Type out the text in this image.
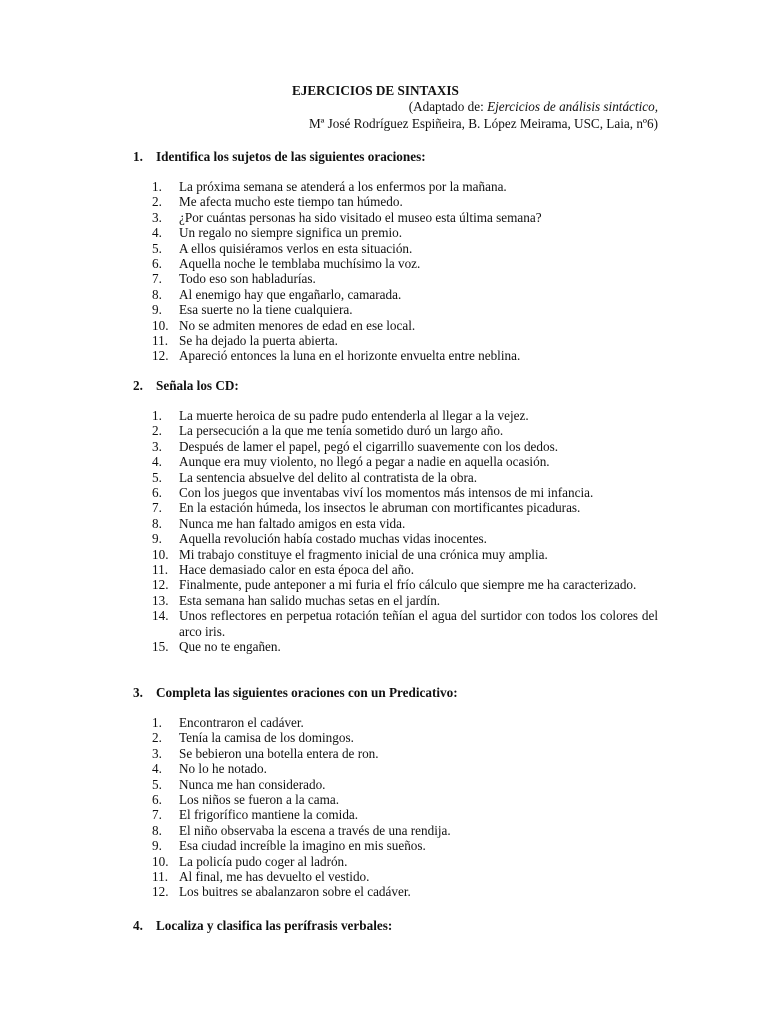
EJERCICIOS DE SINTAXIS
(Adaptado de: Ejercicios de análisis sintáctico,
Mª José Rodríguez Espiñeira, B. López Meirama, USC, Laia, nº6)
1. Identifica los sujetos de las siguientes oraciones:
1.	La próxima semana se atenderá a los enfermos por la mañana.
2.	Me afecta mucho este tiempo tan húmedo.
3.	¿Por cuántas personas ha sido visitado el museo esta última semana?
4.	Un regalo no siempre significa un premio.
5.	A ellos quisiéramos verlos en esta situación.
6.	Aquella noche le temblaba muchísimo la voz.
7.	Todo eso son habladurías.
8.	Al enemigo hay que engañarlo, camarada.
9.	Esa suerte no la tiene cualquiera.
10. No se admiten menores de edad en ese local.
11. Se ha dejado la puerta abierta.
12. Apareció entonces la luna en el horizonte envuelta entre neblina.
2. Señala los CD:
1.	La muerte heroica de su padre pudo entenderla al llegar a la vejez.
2.	La persecución a la que me tenía sometido duró un largo año.
3.	Después de lamer el papel, pegó el cigarrillo suavemente con los dedos.
4.	Aunque era muy violento, no llegó a pegar a nadie en aquella ocasión.
5.	La sentencia absuelve del delito al contratista de la obra.
6.	Con los juegos que inventabas viví los momentos más intensos de mi infancia.
7.	En la estación húmeda, los insectos le abruman con mortificantes picaduras.
8.	Nunca me han faltado amigos en esta vida.
9.	Aquella revolución había costado muchas vidas inocentes.
10. Mi trabajo constituye el fragmento inicial de una crónica muy amplia.
11. Hace demasiado calor en esta época del año.
12. Finalmente, pude anteponer a mi furia el frío cálculo que siempre me ha caracterizado.
13. Esta semana han salido muchas setas en el jardín.
14. Unos reflectores en perpetua rotación teñían el agua del surtidor con todos los colores del arco iris.
15. Que no te engañen.
3. Completa las siguientes oraciones con un Predicativo:
1.	Encontraron el cadáver.
2.	Tenía la camisa de los domingos.
3.	Se bebieron una botella entera de ron.
4.	No lo he notado.
5.	Nunca me han considerado.
6.	Los niños se fueron a la cama.
7.	El frigorífico mantiene la comida.
8.	El niño observaba la escena a través de una rendija.
9.	Esa ciudad increíble la imagino en mis sueños.
10. La policía pudo coger al ladrón.
11. Al final, me has devuelto el vestido.
12. Los buitres se abalanzaron sobre el cadáver.
4. Localiza y clasifica las perífrasis verbales:
